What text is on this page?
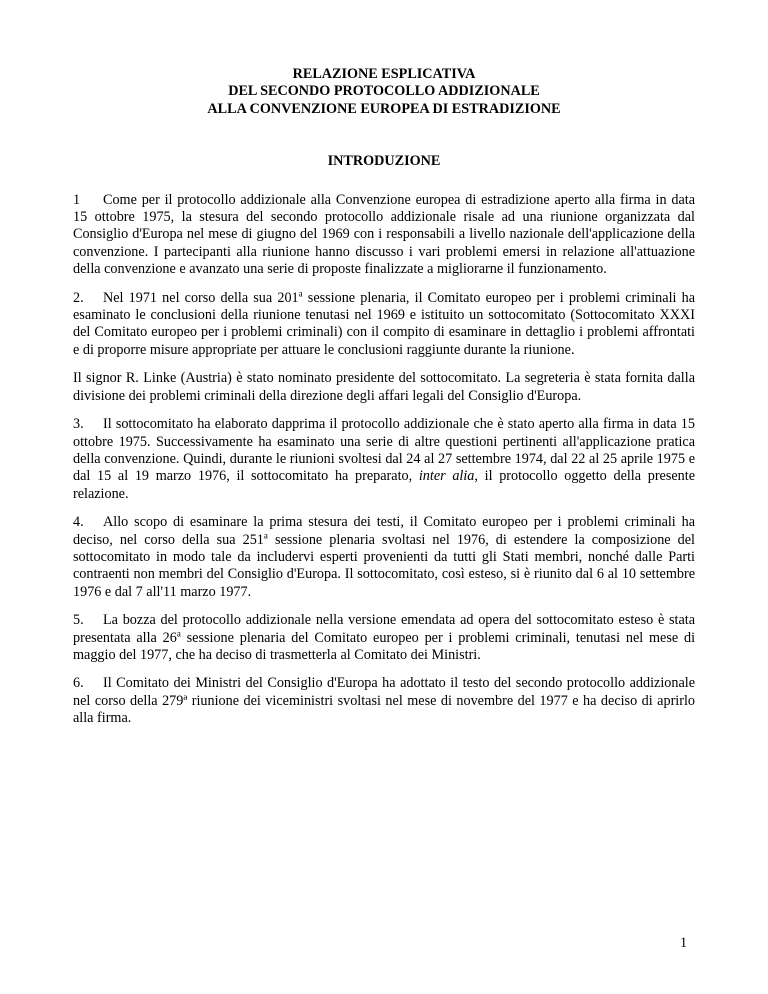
RELAZIONE ESPLICATIVA
DEL SECONDO PROTOCOLLO ADDIZIONALE
ALLA CONVENZIONE EUROPEA DI ESTRADIZIONE
INTRODUZIONE

1 Come per il protocollo addizionale alla Convenzione europea di estradizione aperto alla firma in data 15 ottobre 1975, la stesura del secondo protocollo addizionale risale ad una riunione organizzata dal Consiglio d'Europa nel mese di giugno del 1969 con i responsabili a livello nazionale dell'applicazione della convenzione. I partecipanti alla riunione hanno discusso i vari problemi emersi in relazione all'attuazione della convenzione e avanzato una serie di proposte finalizzate a migliorarne il funzionamento.

2. Nel 1971 nel corso della sua 201$^a$ sessione plenaria, il Comitato europeo per i problemi criminali ha esaminato le conclusioni della riunione tenutasi nel 1969 e istituito un sottocomitato (Sottocomitato XXXI del Comitato europeo per i problemi criminali) con il compito di esaminare in dettaglio i problemi affrontati e di proporre misure appropriate per attuare le conclusioni raggiunte durante la riunione.

Il signor R. Linke (Austria) è stato nominato presidente del sottocomitato. La segreteria è stata fornita dalla divisione dei problemi criminali della direzione degli affari legali del Consiglio d'Europa.

3. Il sottocomitato ha elaborato dapprima il protocollo addizionale che è stato aperto alla firma in data 15 ottobre 1975. Successivamente ha esaminato una serie di altre questioni pertinenti all'applicazione pratica della convenzione. Quindi, durante le riunioni svoltesi dal 24 al 27 settembre 1974, dal 22 al 25 aprile 1975 e dal 15 al 19 marzo 1976, il sottocomitato ha preparato, inter alia, il protocollo oggetto della presente relazione.

4. Allo scopo di esaminare la prima stesura dei testi, il Comitato europeo per i problemi criminali ha deciso, nel corso della sua 251$^a$ sessione plenaria svoltasi nel 1976, di estendere la composizione del sottocomitato in modo tale da includervi esperti provenienti da tutti gli Stati membri, nonché dalle Parti contraenti non membri del Consiglio d'Europa. Il sottocomitato, così esteso, si è riunito dal 6 al 10 settembre 1976 e dal 7 all'11 marzo 1977.

5. La bozza del protocollo addizionale nella versione emendata ad opera del sottocomitato esteso è stata presentata alla 26$^a$ sessione plenaria del Comitato europeo per i problemi criminali, tenutasi nel mese di maggio del 1977, che ha deciso di trasmetterla al Comitato dei Ministri.

6. Il Comitato dei Ministri del Consiglio d'Europa ha adottato il testo del secondo protocollo addizionale nel corso della 279ª riunione dei viceministri svoltasi nel mese di novembre del 1977 e ha deciso di aprirlo alla firma.

1
